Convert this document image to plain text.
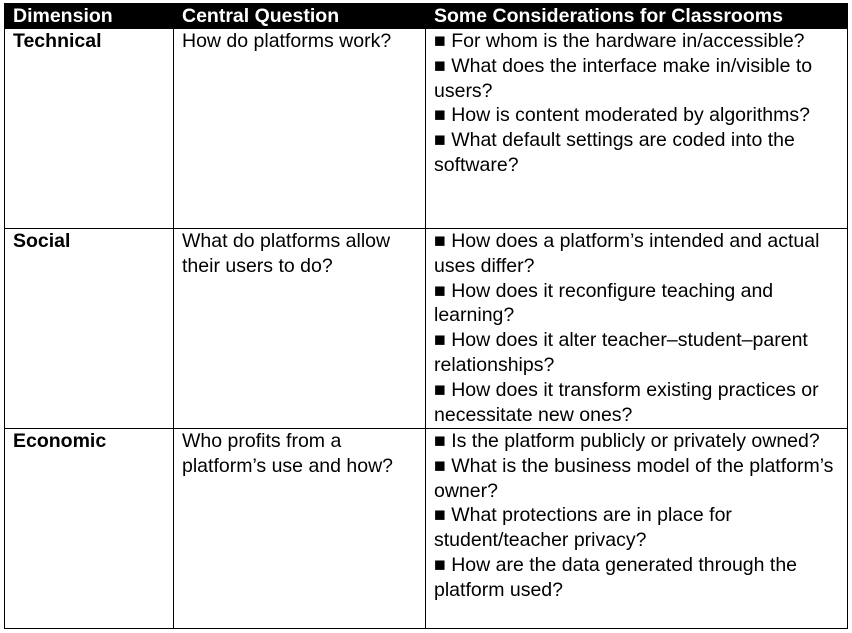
Dimension	Central Question	Some Considerations for Classrooms
Technical	How do platforms work?	■ For whom is the hardware in/accessible?
■ What does the interface make in/visible to users?
■ How is content moderated by algorithms?
■ What default settings are coded into the software?

Social	What do platforms allow their users to do?	■ How does a platform’s intended and actual uses differ?
■ How does it reconfigure teaching and learning?
■ How does it alter teacher–student–parent relationships?
■ How does it transform existing practices or necessitate new ones?

Economic	Who profits from a platform’s use and how?	■ Is the platform publicly or privately owned?
■ What is the business model of the platform’s owner?
■ What protections are in place for student/teacher privacy?
■ How are the data generated through the platform used?
